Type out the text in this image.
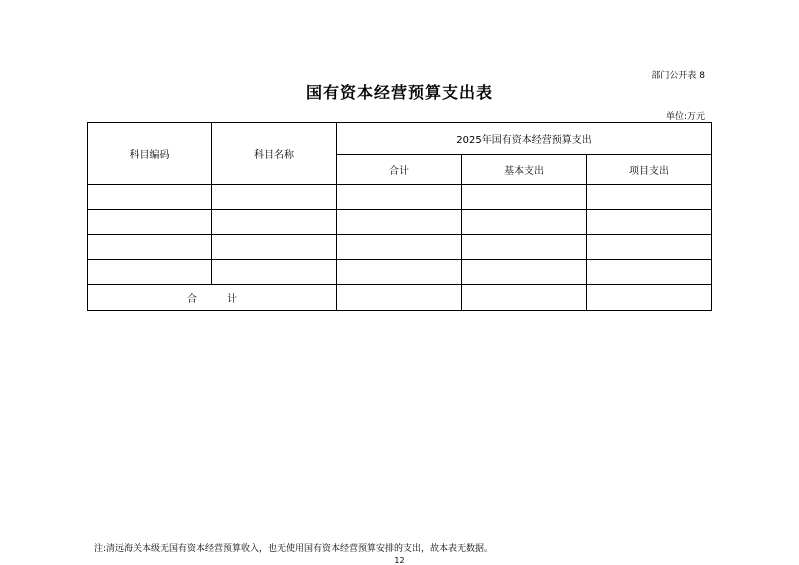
部门公开表 8
国有资本经营预算支出表
单位:万元
科目编码	科目名称	2025年国有资本经营预算支出		
		合计	基本支出	项目支出

合计				
注:清远海关本级无国有资本经营预算收入，也无使用国有资本经营预算安排的支出，故本表无数据。
12
